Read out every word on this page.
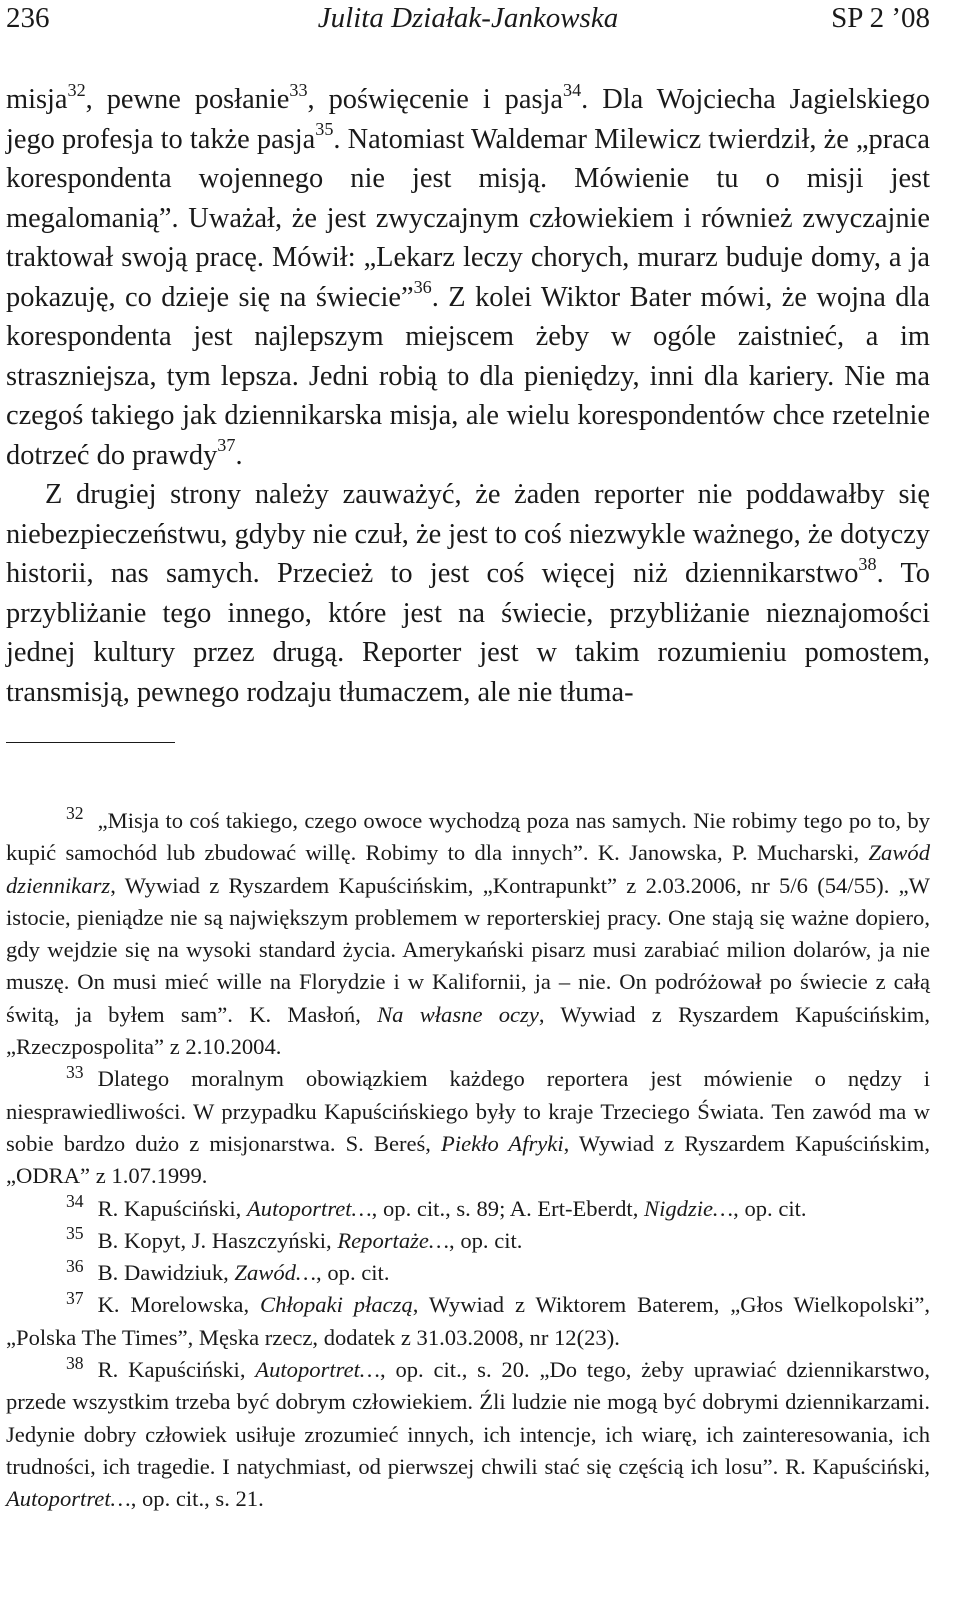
236	Julita Działak-Jankowska	SP 2 ’08

misja$^{32}$, pewne posłanie$^{33}$, poświęcenie i pasja$^{34}$. Dla Wojciecha Jagielskiego jego profesja to także pasja$^{35}$. Natomiast Waldemar Milewicz twierdził, że „praca korespondenta wojennego nie jest misją. Mówienie tu o misji jest megalomanią”. Uważał, że jest zwyczajnym człowiekiem i również zwyczajnie traktował swoją pracę. Mówił: „Lekarz leczy chorych, murarz buduje domy, a ja pokazuję, co dzieje się na świecie”$^{36}$. Z kolei Wiktor Bater mówi, że wojna dla korespondenta jest najlepszym miejscem żeby w ogóle zaistnieć, a im straszniejsza, tym lepsza. Jedni robią to dla pieniędzy, inni dla kariery. Nie ma czegoś takiego jak dziennikarska misja, ale wielu korespondentów chce rzetelnie dotrzeć do prawdy$^{37}$.

Z drugiej strony należy zauważyć, że żaden reporter nie poddawałby się niebezpieczeństwu, gdyby nie czuł, że jest to coś niezwykle ważnego, że dotyczy historii, nas samych. Przecież to jest coś więcej niż dziennikarstwo$^{38}$. To przybliżanie tego innego, które jest na świecie, przybliżanie nieznajomości jednej kultury przez drugą. Reporter jest w takim rozumieniu pomostem, transmisją, pewnego rodzaju tłumaczem, ale nie tłuma-

32 „Misja to coś takiego, czego owoce wychodzą poza nas samych. Nie robimy tego po to, by kupić samochód lub zbudować willę. Robimy to dla innych”. K. Janowska, P. Mucharski, Zawód dziennikarz, Wywiad z Ryszardem Kapuścińskim, „Kontrapunkt” z 2.03.2006, nr 5/6 (54/55). „W istocie, pieniądze nie są największym problemem w reporterskiej pracy. One stają się ważne dopiero, gdy wejdzie się na wysoki standard życia. Amerykański pisarz musi zarabiać milion dolarów, ja nie muszę. On musi mieć wille na Florydzie i w Kalifornii, ja – nie. On podróżował po świecie z całą świtą, ja byłem sam”. K. Masłoń, Na własne oczy, Wywiad z Ryszardem Kapuścińskim, „Rzeczpospolita” z 2.10.2004.

33 Dlatego moralnym obowiązkiem każdego reportera jest mówienie o nędzy i niesprawiedliwości. W przypadku Kapuścińskiego były to kraje Trzeciego Świata. Ten zawód ma w sobie bardzo dużo z misjonarstwa. S. Bereś, Piekło Afryki, Wywiad z Ryszardem Kapuścińskim, „ODRA” z 1.07.1999.

34 R. Kapuściński, Autoportret…, op. cit., s. 89; A. Ert-Eberdt, Nigdzie…, op. cit.

35 B. Kopyt, J. Haszczyński, Reportaże…, op. cit.

36 B. Dawidziuk, Zawód…, op. cit.

37 K. Morelowska, Chłopaki płaczą, Wywiad z Wiktorem Baterem, „Głos Wielkopolski”, „Polska The Times”, Męska rzecz, dodatek z 31.03.2008, nr 12(23).

38 R. Kapuściński, Autoportret…, op. cit., s. 20. „Do tego, żeby uprawiać dziennikarstwo, przede wszystkim trzeba być dobrym człowiekiem. Źli ludzie nie mogą być dobrymi dziennikarzami. Jedynie dobry człowiek usiłuje zrozumieć innych, ich intencje, ich wiarę, ich zainteresowania, ich trudności, ich tragedie. I natychmiast, od pierwszej chwili stać się częścią ich losu”. R. Kapuściński, Autoportret…, op. cit., s. 21.
